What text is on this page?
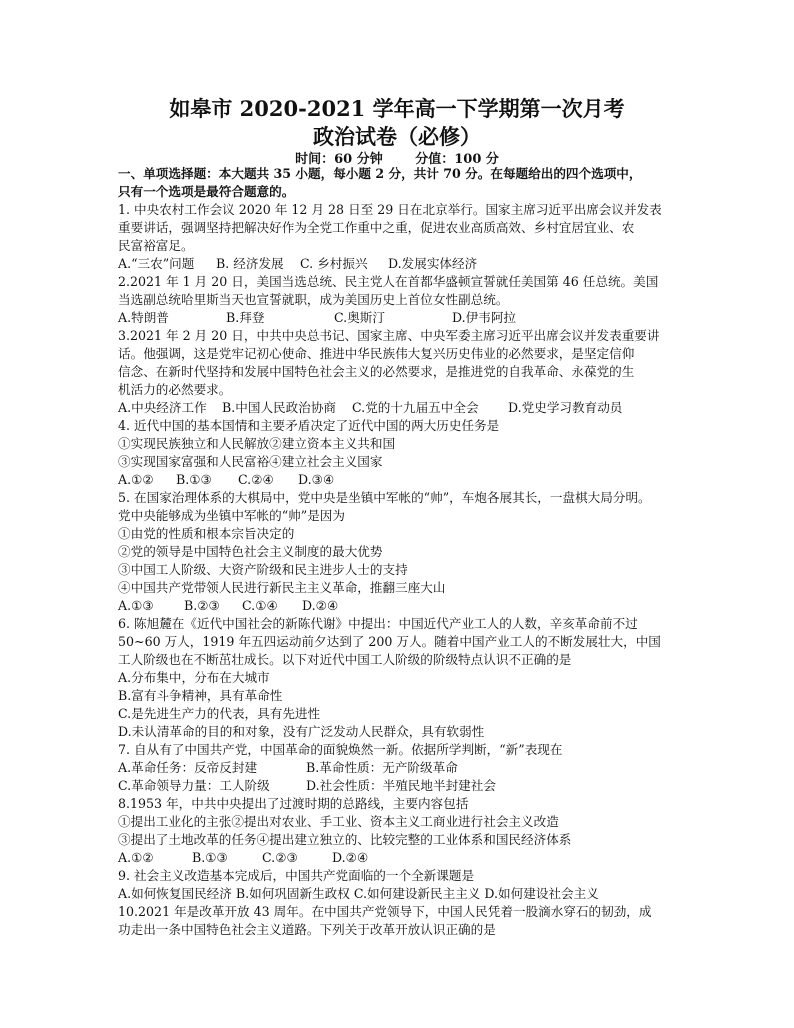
如皋市 2020-2021 学年高一下学期第一次月考
政治试卷（必修）
时间：60 分钟	分值：100 分
一、单项选择题：本大题共 35 小题，每小题 2 分，共计 70 分。在每题给出的四个选项中，
只有一个选项是最符合题意的。
1. 中央农村工作会议 2020 年 12 月 28 日至 29 日在北京举行。国家主席习近平出席会议并发表
重要讲话，强调坚持把解决好作为全党工作重中之重，促进农业高质高效、乡村宜居宜业、农
民富裕富足。
A.“三农”问题 B. 经济发展 C. 乡村振兴 D.发展实体经济
2.2021 年 1 月 20 日，美国当选总统、民主党人在首都华盛顿宣誓就任美国第 46 任总统。美国
当选副总统哈里斯当天也宣誓就职，成为美国历史上首位女性副总统。
A.特朗普	B.拜登	C.奥斯汀	D.伊韦阿拉
3.2021 年 2 月 20 日，中共中央总书记、国家主席、中央军委主席习近平出席会议并发表重要讲
话。他强调，这是党牢记初心使命、推进中华民族伟大复兴历史伟业的必然要求，是坚定信仰
信念、在新时代坚持和发展中国特色社会主义的必然要求，是推进党的自我革命、永葆党的生
机活力的必然要求。
A.中央经济工作 B.中国人民政治协商 C.党的十九届五中全会 D.党史学习教育动员
4. 近代中国的基本国情和主要矛盾决定了近代中国的两大历史任务是
①实现民族独立和人民解放②建立资本主义共和国
③实现国家富强和人民富裕④建立社会主义国家
A.①② B.①③ C.②④ D.③④
5. 在国家治理体系的大棋局中，党中央是坐镇中军帐的“帅”，车炮各展其长，一盘棋大局分明。
党中央能够成为坐镇中军帐的“帅”是因为
①由党的性质和根本宗旨决定的
②党的领导是中国特色社会主义制度的最大优势
③中国工人阶级、大资产阶级和民主进步人士的支持
④中国共产党带领人民进行新民主主义革命，推翻三座大山
A.①③ B.②③ C.①④ D.②④
6. 陈旭麓在《近代中国社会的新陈代谢》中提出：中国近代产业工人的人数，辛亥革命前不过
50~60 万人，1919 年五四运动前夕达到了 200 万人。随着中国产业工人的不断发展壮大，中国
工人阶级也在不断茁壮成长。以下对近代中国工人阶级的阶级特点认识不正确的是
A.分布集中，分布在大城市
B.富有斗争精神，具有革命性
C.是先进生产力的代表，具有先进性
D.未认清革命的目的和对象，没有广泛发动人民群众，具有软弱性
7. 自从有了中国共产党，中国革命的面貌焕然一新。依据所学判断，“新”表现在
A.革命任务：反帝反封建	B.革命性质：无产阶级革命
C.革命领导力量：工人阶级	D.社会性质：半殖民地半封建社会
8.1953 年，中共中央提出了过渡时期的总路线，主要内容包括
①提出工业化的主张②提出对农业、手工业、资本主义工商业进行社会主义改造
③提出了土地改革的任务④提出建立独立的、比较完整的工业体系和国民经济体系
A.①②	B.①③	C.②③	D.②④
9. 社会主义改造基本完成后，中国共产党面临的一个全新课题是
A.如何恢复国民经济 B.如何巩固新生政权 C.如何建设新民主主义 D.如何建设社会主义
10.2021 年是改革开放 43 周年。在中国共产党领导下，中国人民凭着一股滴水穿石的韧劲，成
功走出一条中国特色社会主义道路。下列关于改革开放认识正确的是
